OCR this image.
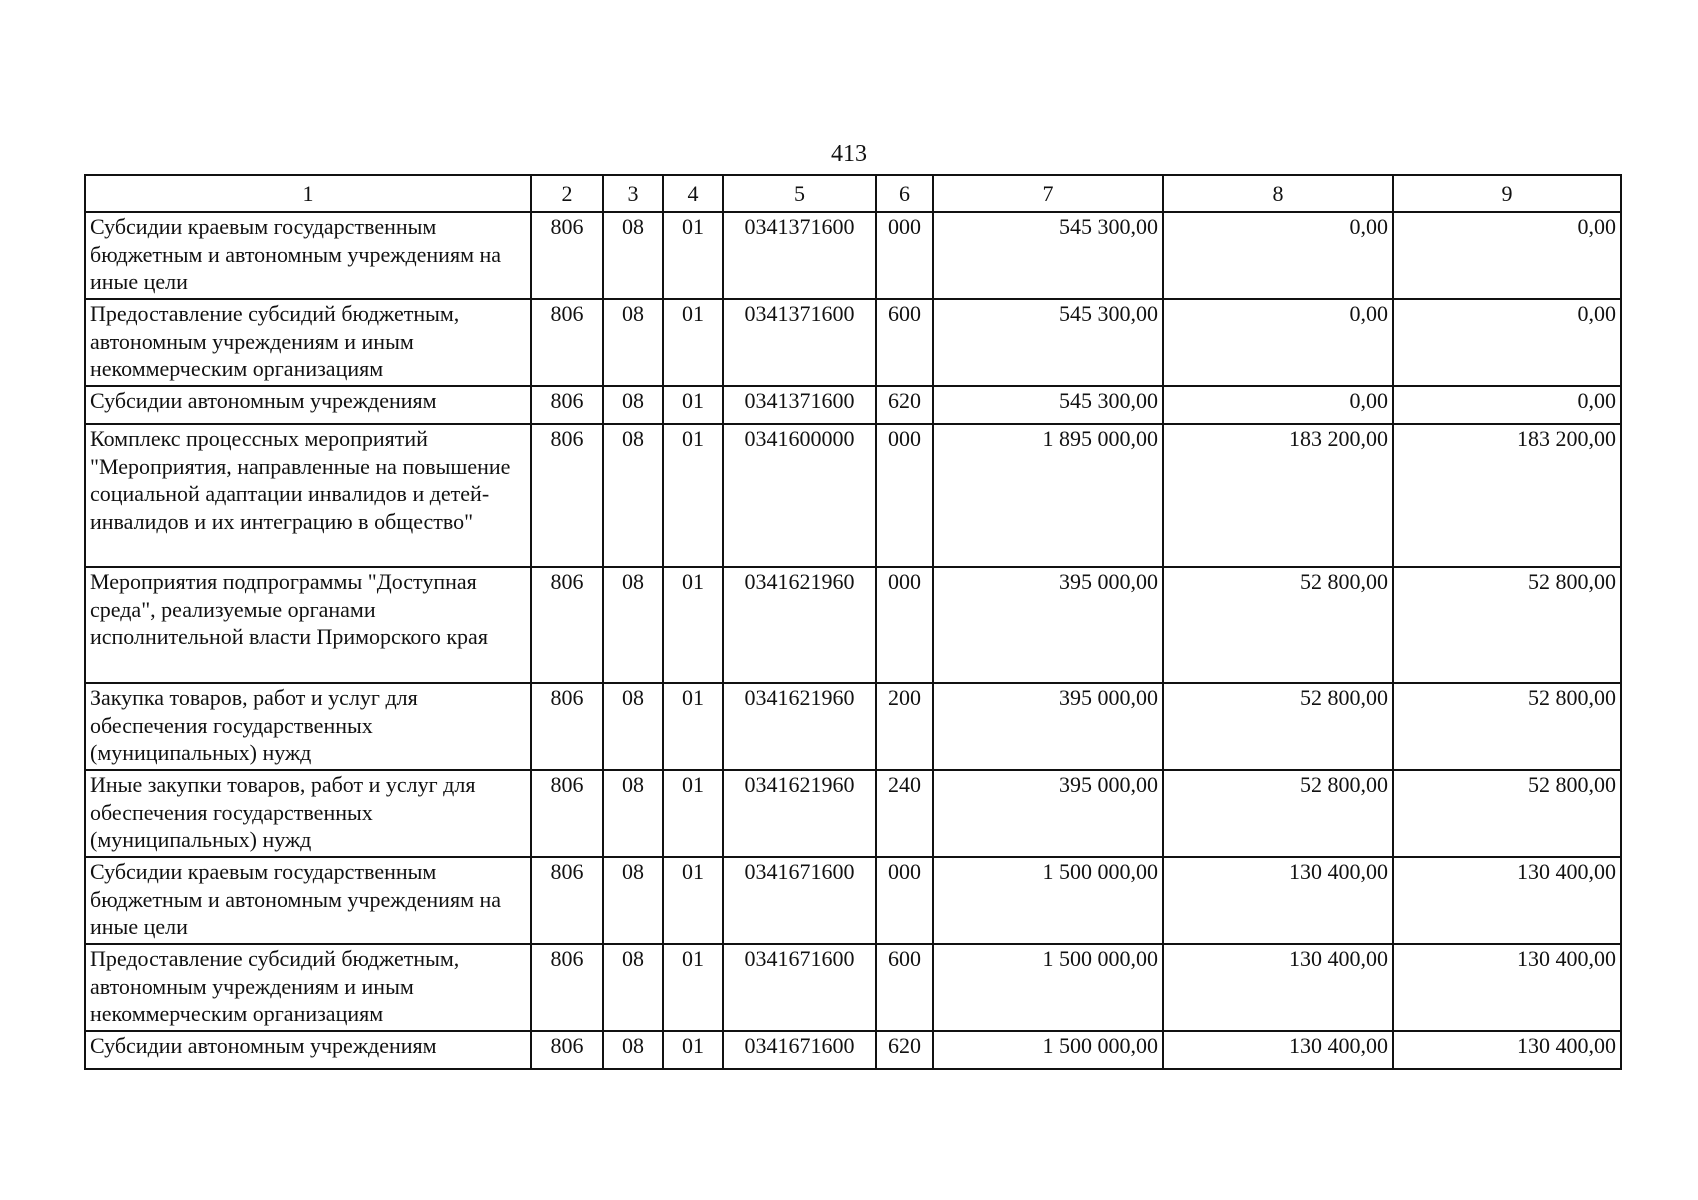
413
1	2	3	4	5	6	7	8	9
Субсидии краевым государственным бюджетным и автономным учреждениям на иные цели	806	08	01	0341371600	000	545 300,00	0,00	0,00
Предоставление субсидий бюджетным, автономным учреждениям и иным некоммерческим организациям	806	08	01	0341371600	600	545 300,00	0,00	0,00
Субсидии автономным учреждениям	806	08	01	0341371600	620	545 300,00	0,00	0,00
Комплекс процессных мероприятий "Мероприятия, направленные на повышение социальной адаптации инвалидов и детей-инвалидов и их интеграцию в общество"	806	08	01	0341600000	000	1 895 000,00	183 200,00	183 200,00
Мероприятия подпрограммы "Доступная среда", реализуемые органами исполнительной власти Приморского края	806	08	01	0341621960	000	395 000,00	52 800,00	52 800,00
Закупка товаров, работ и услуг для обеспечения государственных (муниципальных) нужд	806	08	01	0341621960	200	395 000,00	52 800,00	52 800,00
Иные закупки товаров, работ и услуг для обеспечения государственных (муниципальных) нужд	806	08	01	0341621960	240	395 000,00	52 800,00	52 800,00
Субсидии краевым государственным бюджетным и автономным учреждениям на иные цели	806	08	01	0341671600	000	1 500 000,00	130 400,00	130 400,00
Предоставление субсидий бюджетным, автономным учреждениям и иным некоммерческим организациям	806	08	01	0341671600	600	1 500 000,00	130 400,00	130 400,00
Субсидии автономным учреждениям	806	08	01	0341671600	620	1 500 000,00	130 400,00	130 400,00
